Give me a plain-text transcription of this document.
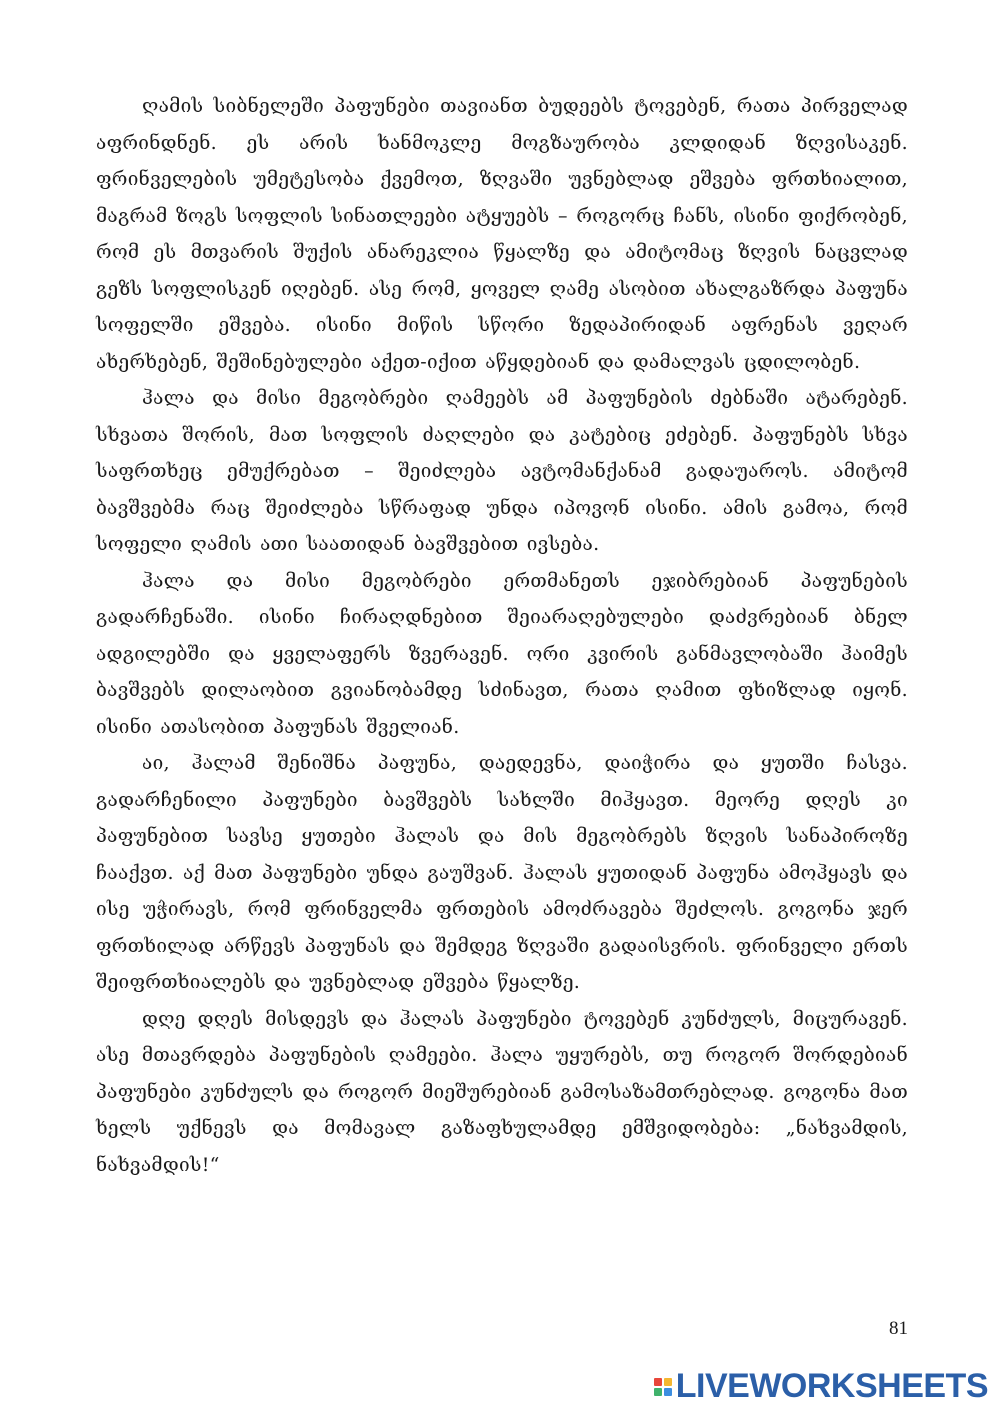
ღამის სიბნელეში პაფუნები თავიანთ ბუდეებს ტოვებენ, რათა პირველად აფრინდნენ. ეს არის ხანმოკლე მოგზაურობა კლდიდან ზღვისაკენ. ფრინველების უმეტესობა ქვემოთ, ზღვაში უვნებლად ეშვება ფრთხიალით, მაგრამ ზოგს სოფლის სინათლეები ატყუებს – როგორც ჩანს, ისინი ფიქრობენ, რომ ეს მთვარის შუქის ანარეკლია წყალზე და ამიტომაც ზღვის ნაცვლად გეზს სოფლისკენ იღებენ. ასე რომ, ყოველ ღამე ასობით ახალგაზრდა პაფუნა სოფელში ეშვება. ისინი მიწის სწორი ზედაპირიდან აფრენას ვეღარ ახერხებენ, შეშინებულები აქეთ-იქით აწყდებიან და დამალვას ცდილობენ.

ჰალა და მისი მეგობრები ღამეებს ამ პაფუნების ძებნაში ატარებენ. სხვათა შორის, მათ სოფლის ძაღლები და კატებიც ეძებენ. პაფუნებს სხვა საფრთხეც ემუქრებათ – შეიძლება ავტომანქანამ გადაუაროს. ამიტომ ბავშვებმა რაც შეიძლება სწრაფად უნდა იპოვონ ისინი. ამის გამოა, რომ სოფელი ღამის ათი საათიდან ბავშვებით ივსება.

ჰალა და მისი მეგობრები ერთმანეთს ეჯიბრებიან პაფუნების გადარჩენაში. ისინი ჩირაღდნებით შეიარაღებულები დაძვრებიან ბნელ ადგილებში და ყველაფერს ზვერავენ. ორი კვირის განმავლობაში ჰაიმეს ბავშვებს დილაობით გვიანობამდე სძინავთ, რათა ღამით ფხიზლად იყონ. ისინი ათასობით პაფუნას შველიან.

აი, ჰალამ შენიშნა პაფუნა, დაედევნა, დაიჭირა და ყუთში ჩასვა. გადარჩენილი პაფუნები ბავშვებს სახლში მიჰყავთ. მეორე დღეს კი პაფუნებით სავსე ყუთები ჰალას და მის მეგობრებს ზღვის სანაპიროზე ჩააქვთ. აქ მათ პაფუნები უნდა გაუშვან. ჰალას ყუთიდან პაფუნა ამოჰყავს და ისე უჭირავს, რომ ფრინველმა ფრთების ამოძრავება შეძლოს. გოგონა ჯერ ფრთხილად არწევს პაფუნას და შემდეგ ზღვაში გადაისვრის. ფრინველი ერთს შეიფრთხიალებს და უვნებლად ეშვება წყალზე.

დღე დღეს მისდევს და ჰალას პაფუნები ტოვებენ კუნძულს, მიცურავენ. ასე მთავრდება პაფუნების ღამეები. ჰალა უყურებს, თუ როგორ შორდებიან პაფუნები კუნძულს და როგორ მიეშურებიან გამოსაზამთრებლად. გოგონა მათ ხელს უქნევს და მომავალ გაზაფხულამდე ემშვიდობება: „ნახვამდის, ნახვამდის!“

81
LIVEWORKSHEETS
